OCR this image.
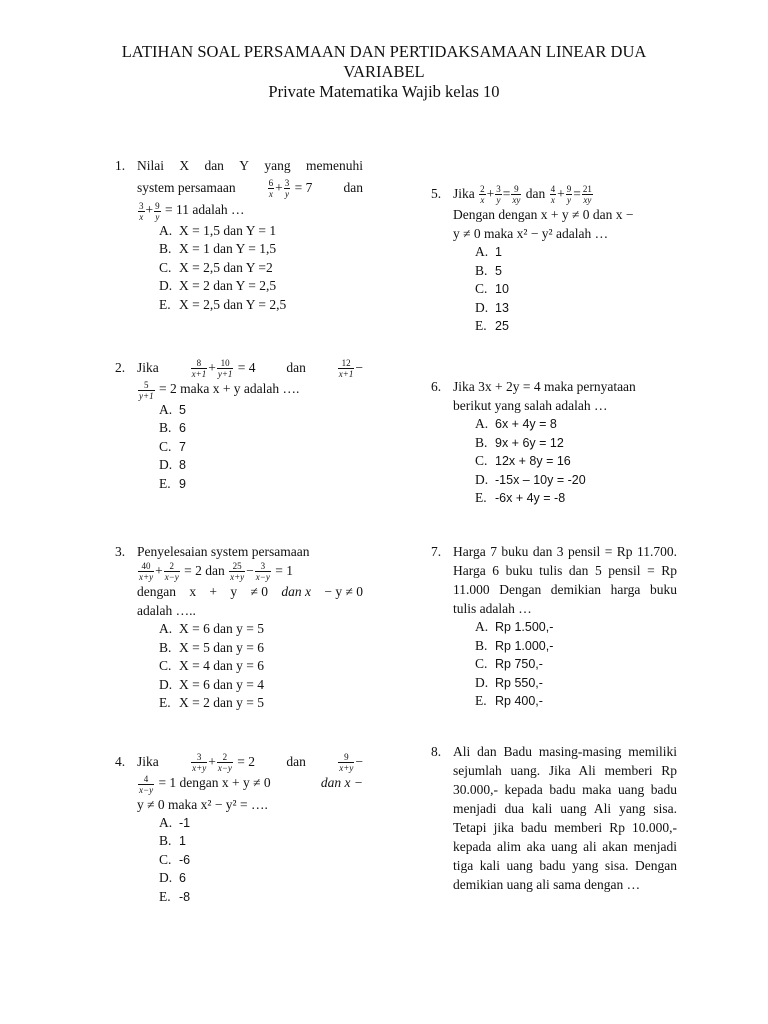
LATIHAN SOAL PERSAMAAN DAN PERTIDAKSAMAAN LINEAR DUA
VARIABEL
Private Matematika Wajib kelas 10
1. Nilai X dan Y yang memenuhi
system persamaan	$\frac{6}{x} + \frac{3}{y} = 7$ dan
$\frac{3}{x} + \frac{9}{y} = 11$ adalah …
A. X = 1,5 dan Y = 1
B. X = 1 dan Y = 1,5
C. X = 2,5 dan Y =2
D. X = 2 dan Y = 2,5
E. X = 2,5 dan Y = 2,5
2. Jika	$\frac{8}{x+1} + \frac{10}{y+1} = 4$ dan	$\frac{12}{x+1}$ −
$\frac{5}{y+1} = 2$ maka x + y adalah ….
A. 5
B. 6
C. 7
D. 8
E. 9
3. Penyelesaian system persamaan
$\frac{40}{x+y} + \frac{2}{x-y} = 2$ dan $\frac{25}{x+y} - \frac{3}{x-y} = 1$
dengan x + y ≠ 0 dan x − y ≠ 0
adalah …..
A. X = 6 dan y = 5
B. X = 5 dan y = 6
C. X = 4 dan y = 6
D. X = 6 dan y = 4
E. X = 2 dan y = 5
4. Jika	$\frac{3}{x+y} + \frac{2}{x-y} = 2$ dan	$\frac{9}{x+y}$ −
$\frac{4}{x-y} = 1$ dengan x + y ≠ 0	dan x −
y ≠ 0 maka x² − y² = ….
A. -1
B. 1
C. -6
D. 6
E. -8
5. Jika $\frac{2}{x} + \frac{3}{y} = \frac{9}{xy}$ dan $\frac{4}{x} + \frac{9}{y} = \frac{21}{xy}$
Dengan dengan x + y ≠ 0 dan x −
y ≠ 0 maka x² − y² adalah …
A. 1
B. 5
C. 10
D. 13
E. 25
6. Jika 3x + 2y = 4 maka pernyataan
berikut yang salah adalah …
A. 6x + 4y = 8
B. 9x + 6y = 12
C. 12x + 8y = 16
D. -15x – 10y = -20
E. -6x + 4y = -8
7. Harga 7 buku dan 3 pensil = Rp 11.700. Harga 6 buku tulis dan 5 pensil = Rp 11.000 Dengan demikian harga buku tulis adalah …
A. Rp 1.500,-
B. Rp 1.000,-
C. Rp 750,-
D. Rp 550,-
E. Rp 400,-
8. Ali dan Badu masing-masing memiliki sejumlah uang. Jika Ali memberi Rp 30.000,- kepada badu maka uang badu menjadi dua kali uang Ali yang sisa. Tetapi jika badu memberi Rp 10.000,- kepada alim aka uang ali akan menjadi tiga kali uang badu yang sisa. Dengan demikian uang ali sama dengan …
